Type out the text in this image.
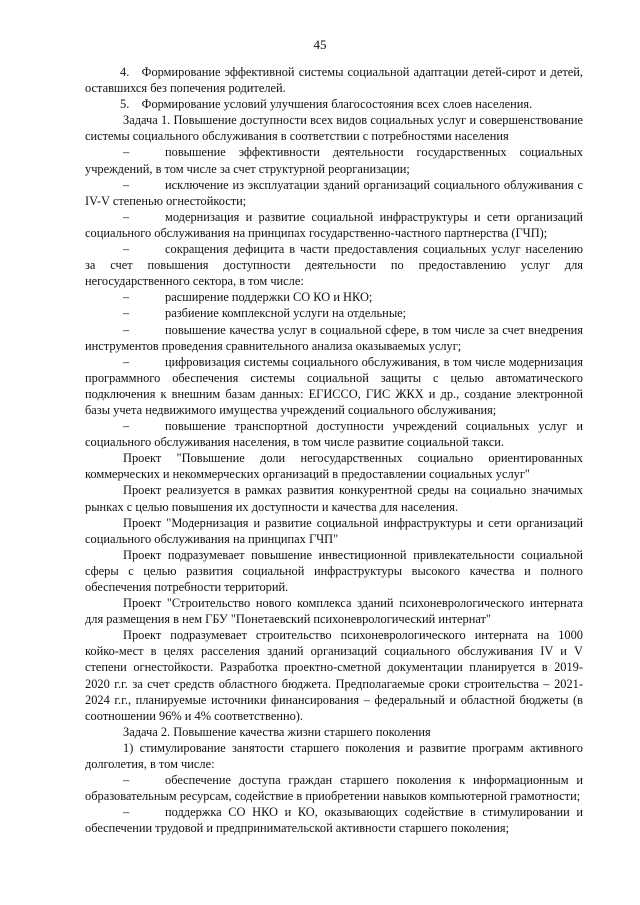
45

4. Формирование эффективной системы социальной адаптации детей-сирот и детей, оставшихся без попечения родителей.

5. Формирование условий улучшения благосостояния всех слоев населения.

Задача 1. Повышение доступности всех видов социальных услуг и совершенствование системы социального обслуживания в соответствии с потребностями населения

–	повышение эффективности деятельности государственных социальных учреждений, в том числе за счет структурной реорганизации;

–	исключение из эксплуатации зданий организаций социального облуживания с IV-V степенью огнестойкости;

–	модернизация и развитие социальной инфраструктуры и сети организаций социального обслуживания на принципах государственно-частного партнерства (ГЧП);

–	сокращения дефицита в части предоставления социальных услуг населению за счет повышения доступности деятельности по предоставлению услуг для негосударственного сектора, в том числе:

–	расширение поддержки СО КО и НКО;

–	разбиение комплексной услуги на отдельные;

–	повышение качества услуг в социальной сфере, в том числе за счет внедрения инструментов проведения сравнительного анализа оказываемых услуг;

–	цифровизация системы социального обслуживания, в том числе модернизация программного обеспечения системы социальной защиты с целью автоматического подключения к внешним базам данных: ЕГИССО, ГИС ЖКХ и др., создание электронной базы учета недвижимого имущества учреждений социального обслуживания;

–	повышение транспортной доступности учреждений социальных услуг и социального обслуживания населения, в том числе развитие социальной такси.

Проект "Повышение доли негосударственных социально ориентированных коммерческих и некоммерческих организаций в предоставлении социальных услуг"

Проект реализуется в рамках развития конкурентной среды на социально значимых рынках с целью повышения их доступности и качества для населения.

Проект "Модернизация и развитие социальной инфраструктуры и сети организаций социального обслуживания на принципах ГЧП"

Проект подразумевает повышение инвестиционной привлекательности социальной сферы с целью развития социальной инфраструктуры высокого качества и полного обеспечения потребности территорий.

Проект "Строительство нового комплекса зданий психоневрологического интерната для размещения в нем ГБУ "Понетаевский психоневрологический интернат"

Проект подразумевает строительство психоневрологического интерната на 1000 койко-мест в целях расселения зданий организаций социального обслуживания IV и V степени огнестойкости. Разработка проектно-сметной документации планируется в 2019-2020 г.г. за счет средств областного бюджета. Предполагаемые сроки строительства – 2021-2024 г.г., планируемые источники финансирования – федеральный и областной бюджеты (в соотношении 96% и 4% соответственно).

Задача 2. Повышение качества жизни старшего поколения

1) стимулирование занятости старшего поколения и развитие программ активного долголетия, в том числе:

–	обеспечение доступа граждан старшего поколения к информационным и образовательным ресурсам, содействие в приобретении навыков компьютерной грамотности;

–	поддержка СО НКО и КО, оказывающих содействие в стимулировании и обеспечении трудовой и предпринимательской активности старшего поколения;
